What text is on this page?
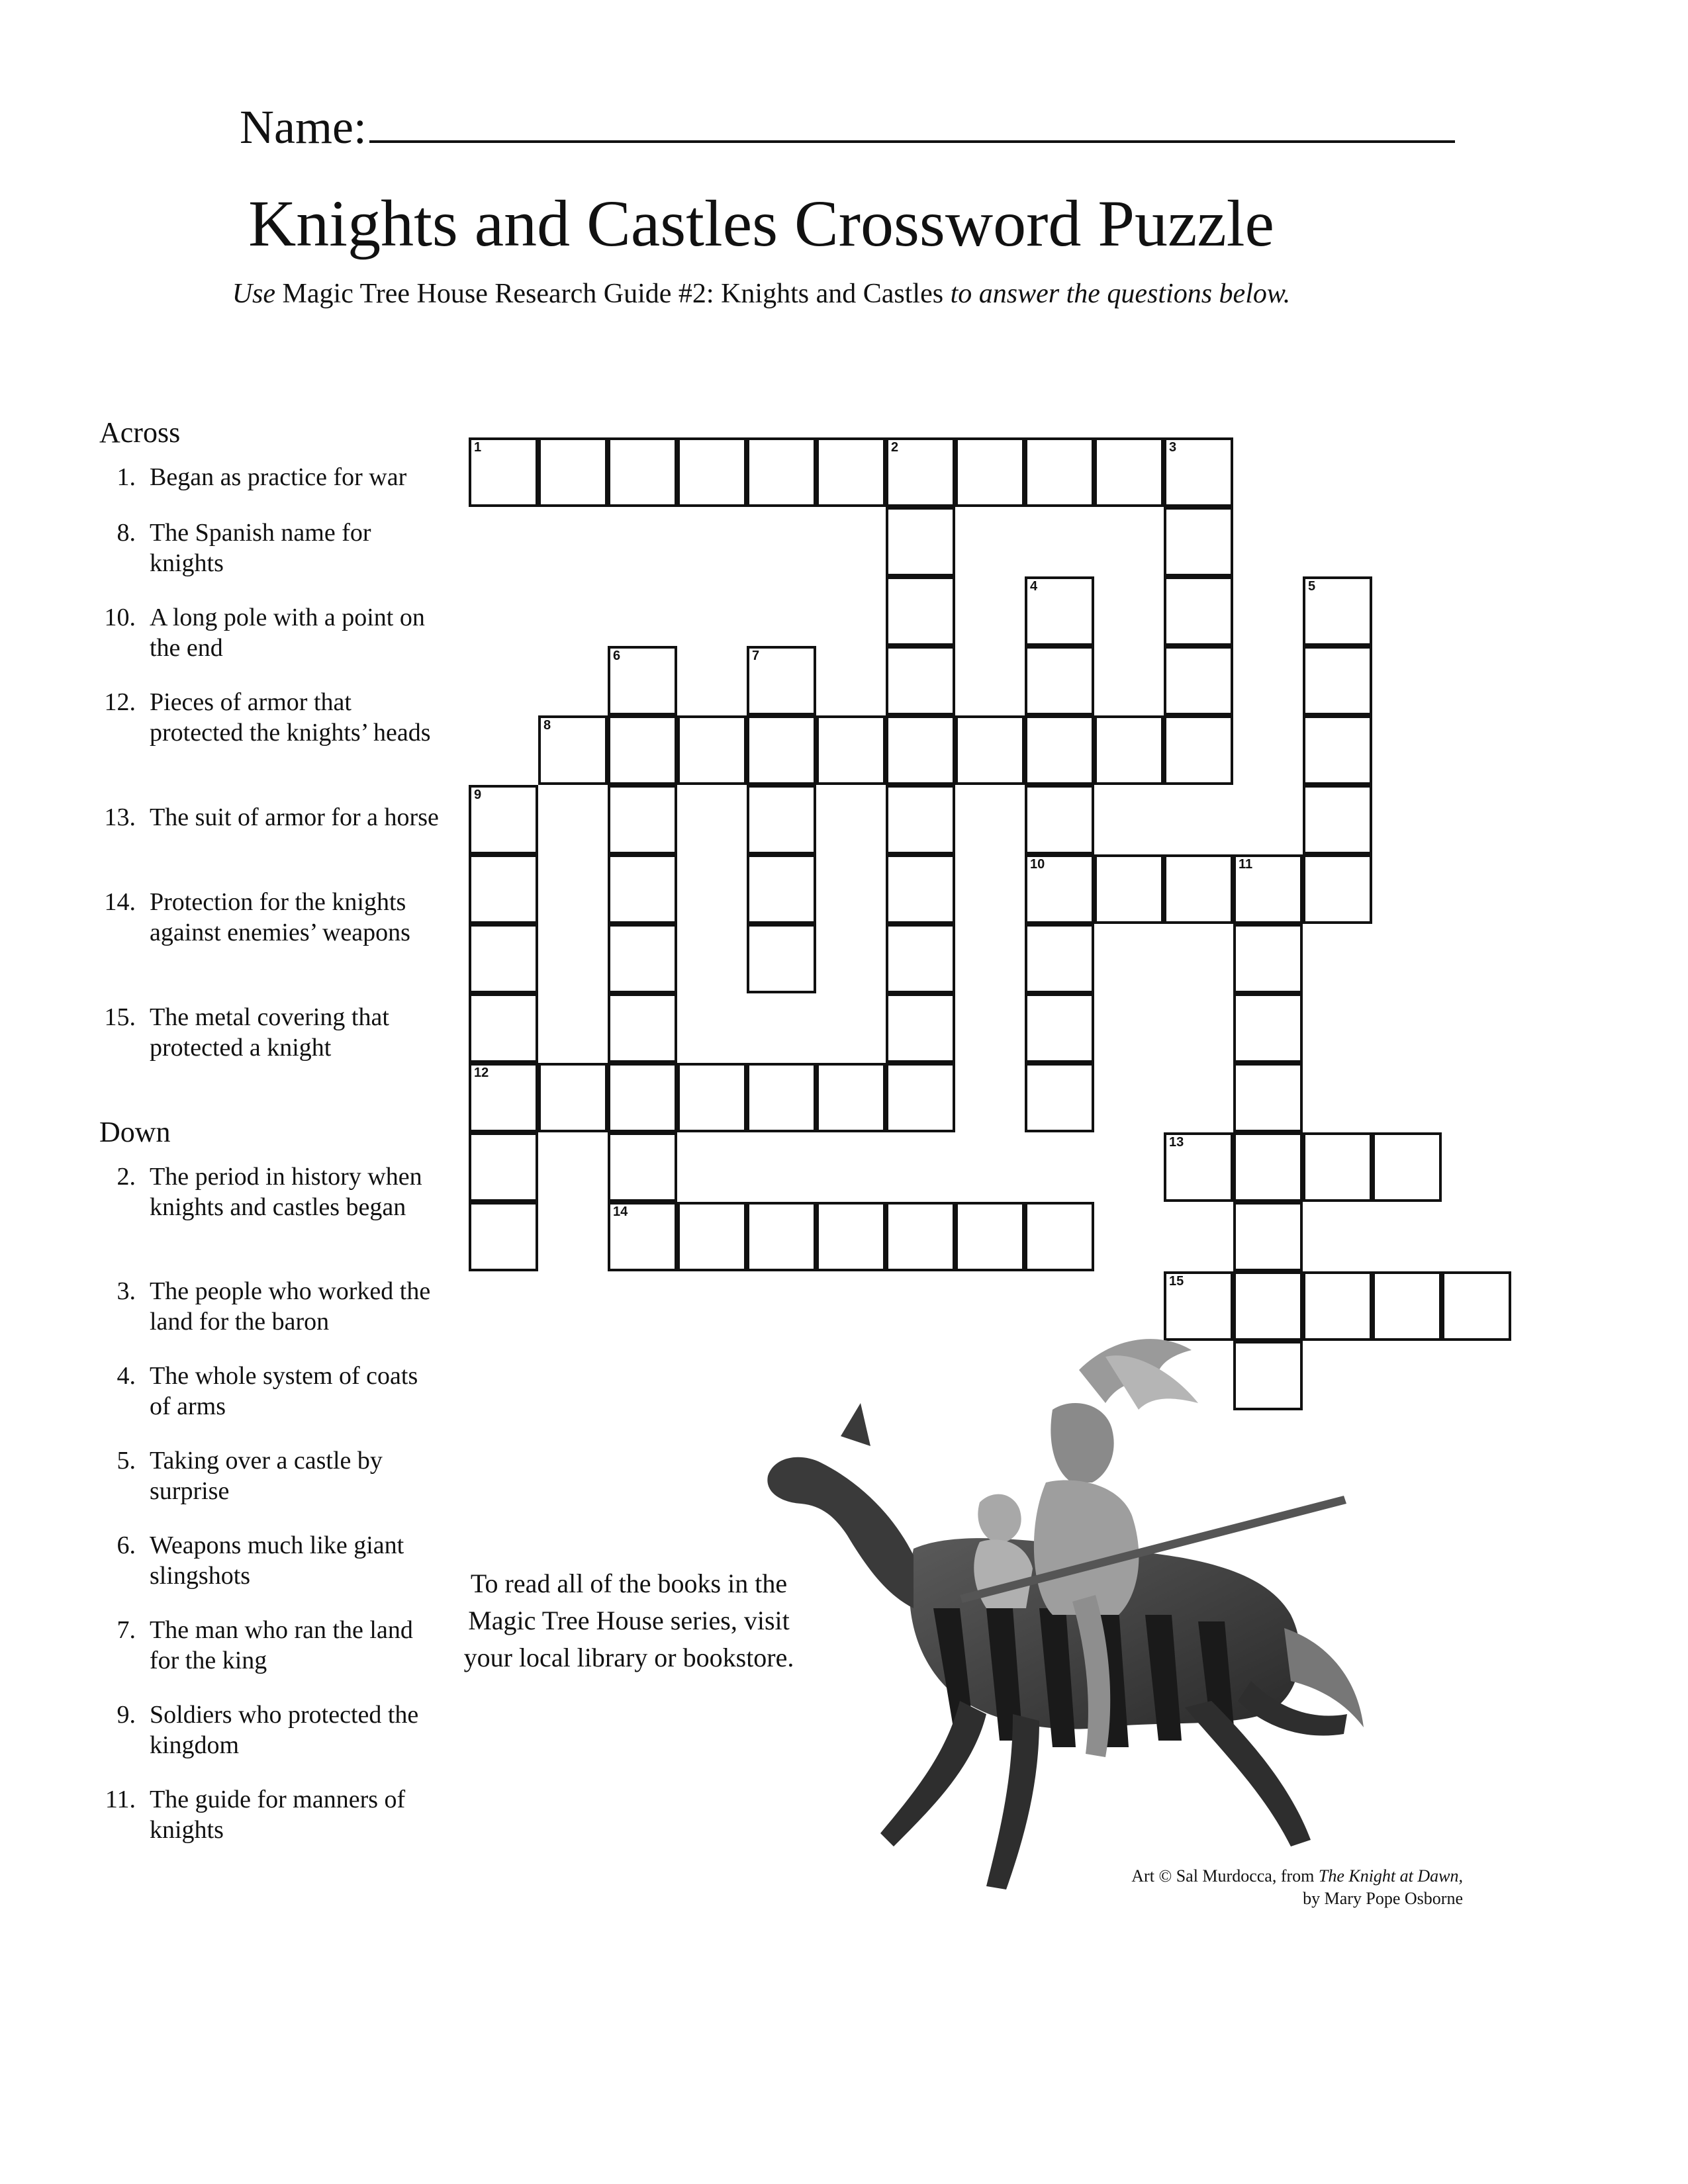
Name:
Knights and Castles Crossword Puzzle
Use Magic Tree House Research Guide #2: Knights and Castles to answer the questions below.
Across
1. Began as practice for war
8. The Spanish name for knights
10. A long pole with a point on the end
12. Pieces of armor that protected the knights’ heads
13. The suit of armor for a horse
14. Protection for the knights against enemies’ weapons
15. The metal covering that protected a knight
Down
2. The period in history when knights and castles began
3. The people who worked the land for the baron
4. The whole system of coats of arms
5. Taking over a castle by surprise
6. Weapons much like giant slingshots
7. The man who ran the land for the king
9. Soldiers who protected the kingdom
11. The guide for manners of knights
1	2	3
4	5
6	7
8
9
10	11
12
13
14
15
To read all of the books in the Magic Tree House series, visit your local library or bookstore.
Art © Sal Murdocca, from The Knight at Dawn,
by Mary Pope Osborne
